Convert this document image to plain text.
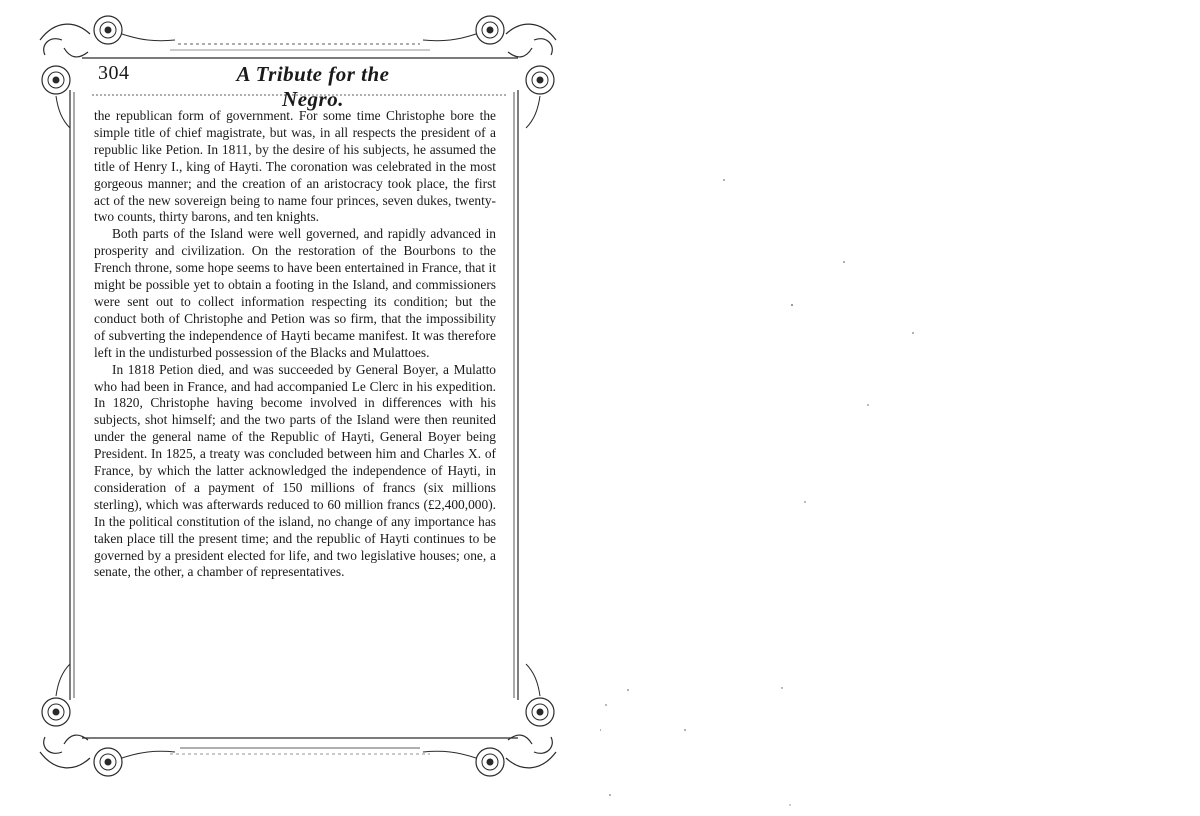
304	A Tribute for the Negro.

the republican form of government. For some time Christophe bore the simple title of chief magistrate, but was, in all respects the president of a republic like Petion. In 1811, by the desire of his subjects, he assumed the title of Henry I., king of Hayti. The coronation was celebrated in the most gorgeous manner; and the creation of an aristocracy took place, the first act of the new sovereign being to name four princes, seven dukes, twenty-two counts, thirty barons, and ten knights.

Both parts of the Island were well governed, and rapidly advanced in prosperity and civilization. On the restoration of the Bourbons to the French throne, some hope seems to have been entertained in France, that it might be possible yet to obtain a footing in the Island, and commissioners were sent out to collect information respecting its condition; but the conduct both of Christophe and Petion was so firm, that the impossibility of subverting the independence of Hayti became manifest. It was therefore left in the undisturbed possession of the Blacks and Mulattoes.

In 1818 Petion died, and was succeeded by General Boyer, a Mulatto who had been in France, and had accompanied Le Clerc in his expedition. In 1820, Christophe having become involved in differences with his subjects, shot himself; and the two parts of the Island were then reunited under the general name of the Republic of Hayti, General Boyer being President. In 1825, a treaty was concluded between him and Charles X. of France, by which the latter acknowledged the independence of Hayti, in consideration of a payment of 150 millions of francs (six millions sterling), which was afterwards reduced to 60 million francs (£2,400,000). In the political constitution of the island, no change of any importance has taken place till the present time; and the republic of Hayti continues to be governed by a president elected for life, and two legislative houses; one, a senate, the other, a chamber of representatives.
